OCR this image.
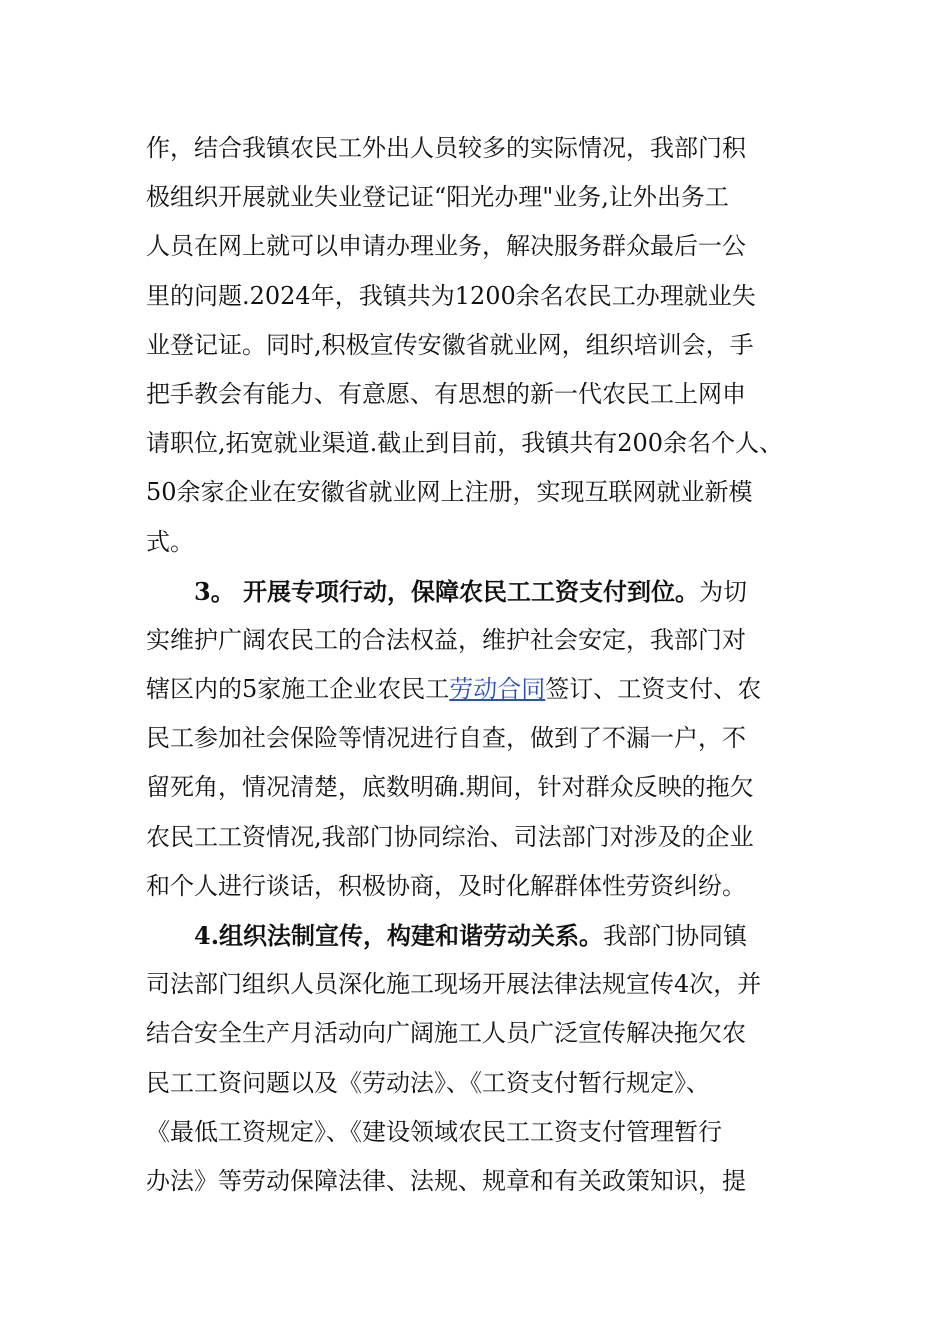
作，结合我镇农民工外出人员较多的实际情况，我部门积
极组织开展就业失业登记证“阳光办理"业务,让外出务工
人员在网上就可以申请办理业务，解决服务群众最后一公
里的问题.2024年，我镇共为1200余名农民工办理就业失
业登记证。同时,积极宣传安徽省就业网，组织培训会，手
把手教会有能力、有意愿、有思想的新一代农民工上网申
请职位,拓宽就业渠道.截止到目前，我镇共有200余名个人、
50余家企业在安徽省就业网上注册，实现互联网就业新模
式。
3。 开展专项行动，保障农民工工资支付到位。为切
实维护广阔农民工的合法权益，维护社会安定，我部门对
辖区内的5家施工企业农民工劳动合同签订、工资支付、农
民工参加社会保险等情况进行自查，做到了不漏一户，不
留死角，情况清楚，底数明确.期间，针对群众反映的拖欠
农民工工资情况,我部门协同综治、司法部门对涉及的企业
和个人进行谈话，积极协商，及时化解群体性劳资纠纷。
4.组织法制宣传，构建和谐劳动关系。我部门协同镇
司法部门组织人员深化施工现场开展法律法规宣传4次，并
结合安全生产月活动向广阔施工人员广泛宣传解决拖欠农
民工工资问题以及《劳动法》、《工资支付暂行规定》、
《最低工资规定》、《建设领域农民工工资支付管理暂行
办法》等劳动保障法律、法规、规章和有关政策知识，提
